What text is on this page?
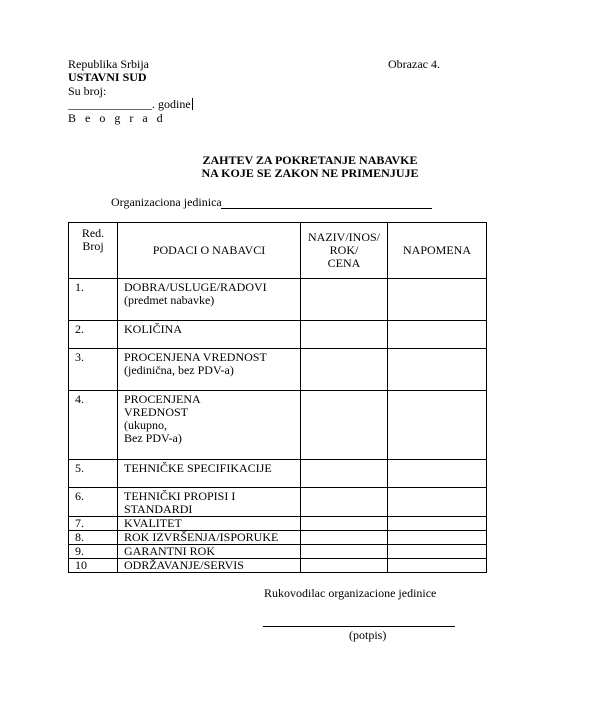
Republika Srbija
USTAVNI SUD
Su broj:
______________. godine
B e o g r a d
Obrazac 4.
ZAHTEV ZA POKRETANJE NABAVKE
NA KOJE SE ZAKON NE PRIMENJUJE
Organizaciona jedinica
Red.
Broj	PODACI O NABAVCI	NAZIV/INOS/
ROK/
CENA	NAPOMENA
1.	DOBRA/USLUGE/RADOVI
(predmet nabavke)		
2.	KOLIČINA		
3.	PROCENJENA VREDNOST
(jedinična, bez PDV-a)		
4.	PROCENJENA
VREDNOST
(ukupno,
Bez PDV-a)		
5.	TEHNIČKE SPECIFIKACIJE		
6.	TEHNIČKI PROPISI I
STANDARDI		
7.	KVALITET		
8.	ROK IZVRŠENJA/ISPORUKE		
9.	GARANTNI ROK		
10	ODRŽAVANJE/SERVIS		
Rukovodilac organizacione jedinice
(potpis)
